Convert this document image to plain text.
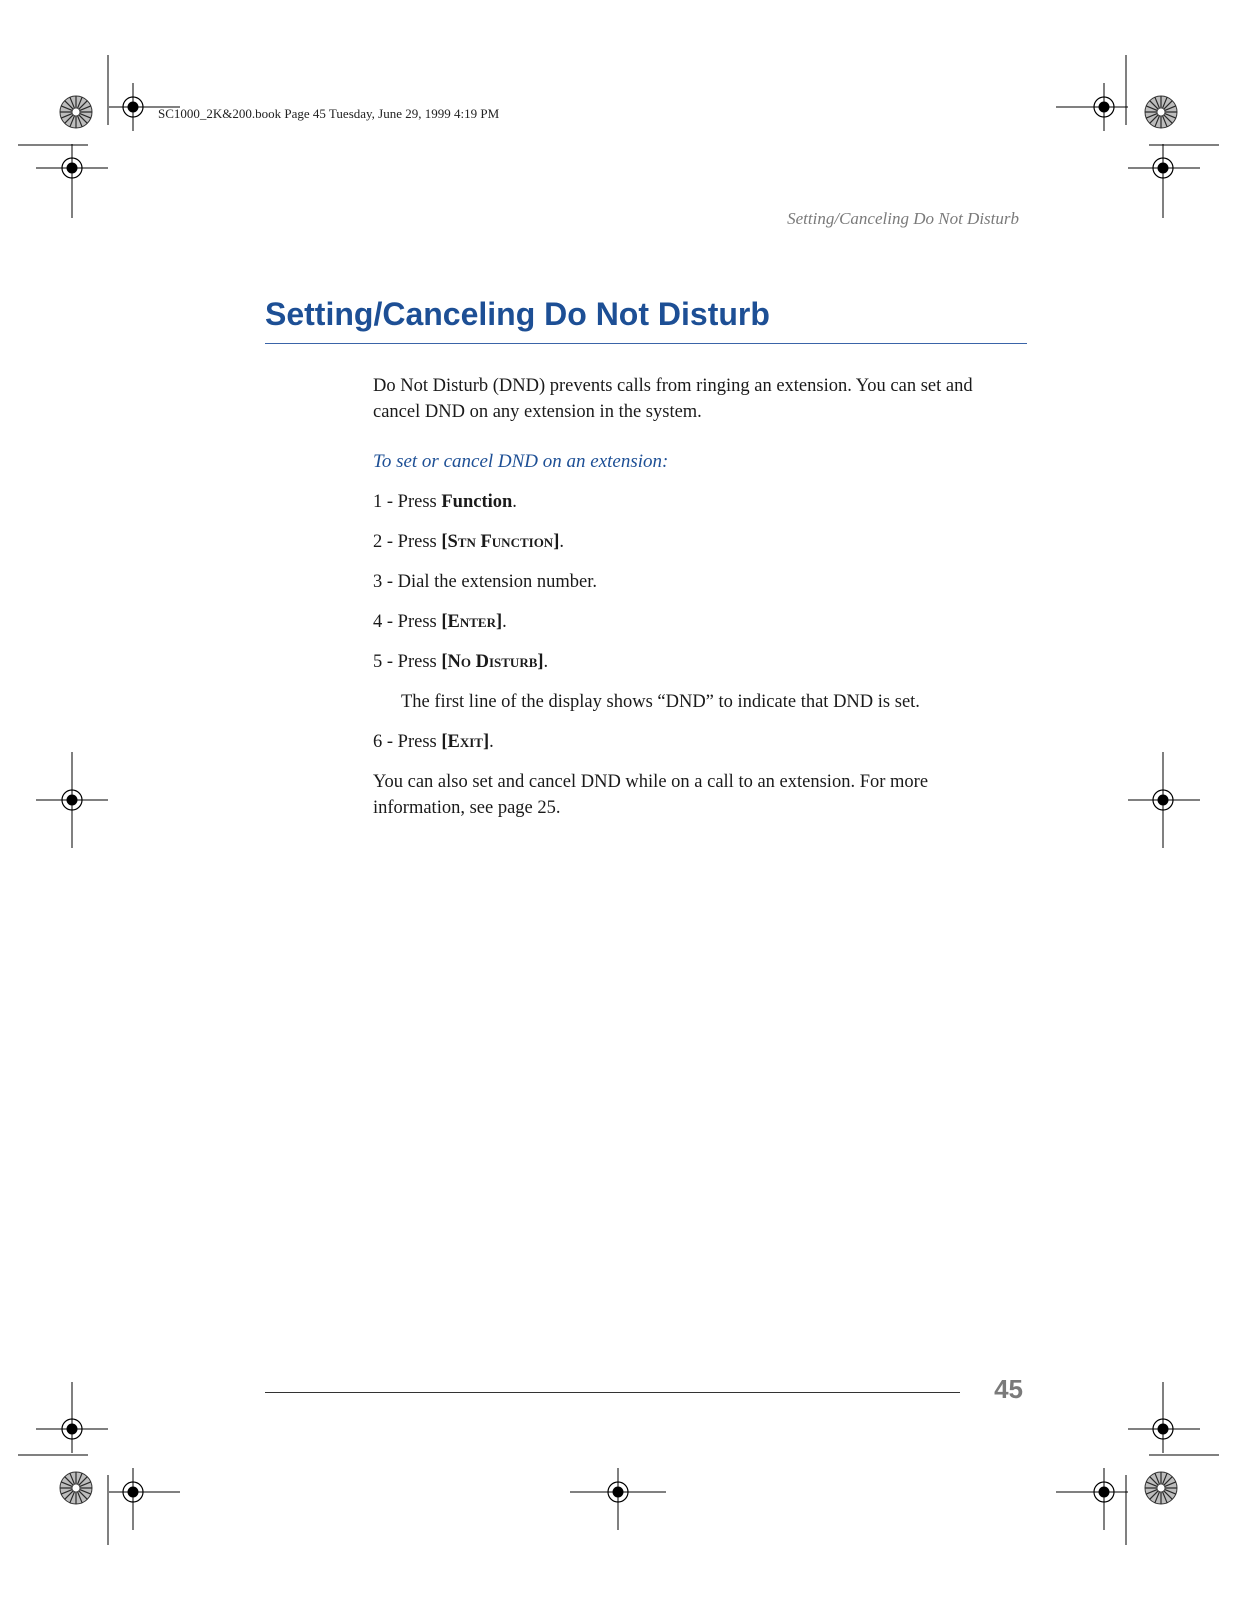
SC1000_2K&200.book Page 45 Tuesday, June 29, 1999 4:19 PM
Setting/Canceling Do Not Disturb
Setting/Canceling Do Not Disturb

Do Not Disturb (DND) prevents calls from ringing an extension. You can set and
cancel DND on any extension in the system.

To set or cancel DND on an extension:

1 - Press Function.

2 - Press [Stn Function].

3 - Dial the extension number.

4 - Press [Enter].

5 - Press [No Disturb].

The first line of the display shows “DND” to indicate that DND is set.

6 - Press [Exit].

You can also set and cancel DND while on a call to an extension. For more
information, see page 25.

45
